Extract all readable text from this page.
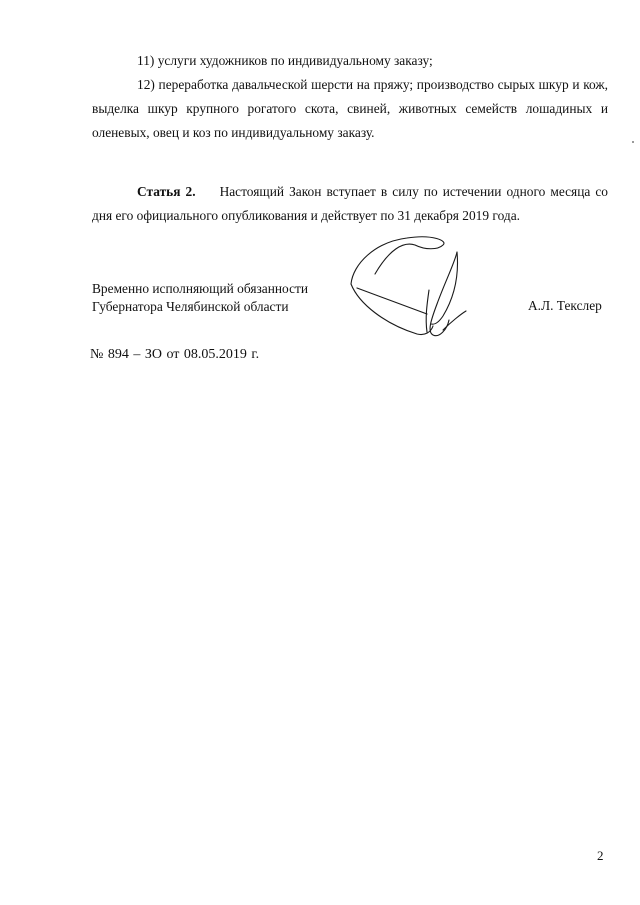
11) услуги художников по индивидуальному заказу;

12) переработка давальческой шерсти на пряжу; производство сырых шкур и кож, выделка шкур крупного рогатого скота, свиней, животных семейств лошадиных и оленевых, овец и коз по индивидуальному заказу.

Статья 2. Настоящий Закон вступает в силу по истечении одного месяца со дня его официального опубликования и действует по 31 декабря 2019 года.

Временно исполняющий обязанности
Губернатора Челябинской области	А.Л. Текслер

№ 894 – ЗО от 08.05.2019 г.

2
